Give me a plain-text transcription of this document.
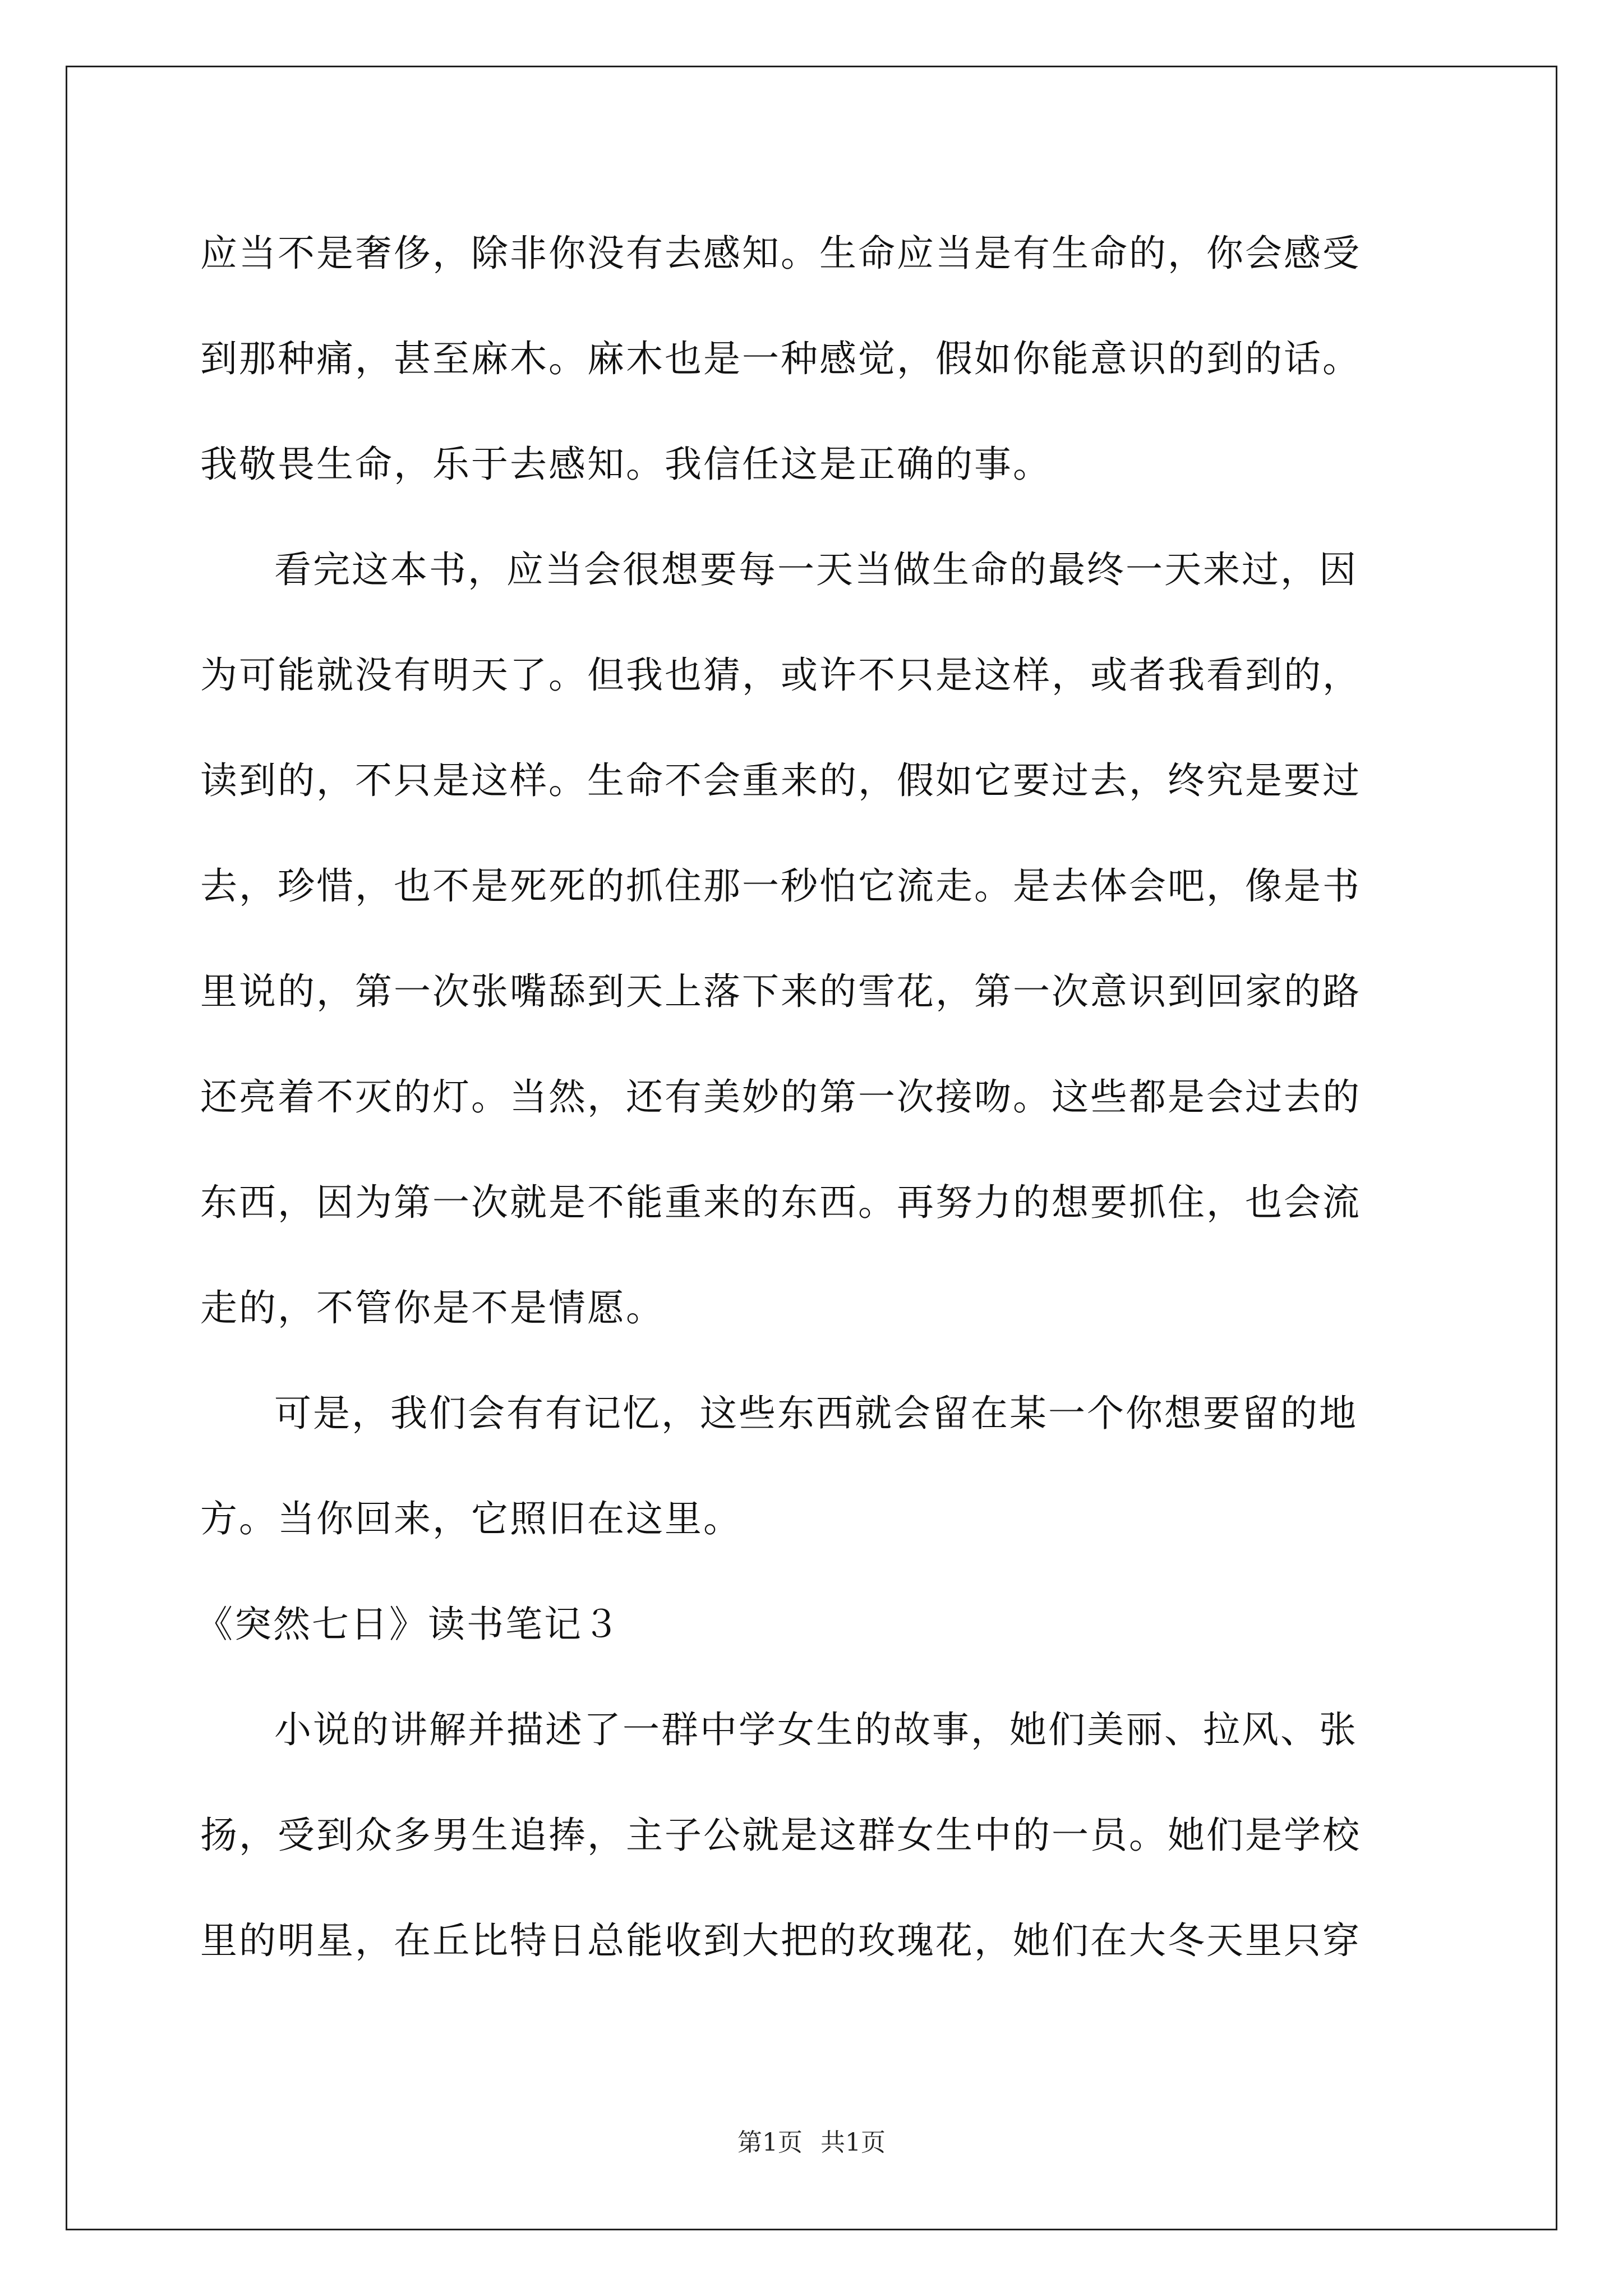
应当不是奢侈，除非你没有去感知。生命应当是有生命的，你会感受
到那种痛，甚至麻木。麻木也是一种感觉，假如你能意识的到的话。
我敬畏生命，乐于去感知。我信任这是正确的事。
看完这本书，应当会很想要每一天当做生命的最终一天来过，因
为可能就没有明天了。但我也猜，或许不只是这样，或者我看到的，
读到的，不只是这样。生命不会重来的，假如它要过去，终究是要过
去，珍惜，也不是死死的抓住那一秒怕它流走。是去体会吧，像是书
里说的，第一次张嘴舔到天上落下来的雪花，第一次意识到回家的路
还亮着不灭的灯。当然，还有美妙的第一次接吻。这些都是会过去的
东西，因为第一次就是不能重来的东西。再努力的想要抓住，也会流
走的，不管你是不是情愿。
可是，我们会有有记忆，这些东西就会留在某一个你想要留的地
方。当你回来，它照旧在这里。
《突然七日》读书笔记３
小说的讲解并描述了一群中学女生的故事，她们美丽、拉风、张
扬，受到众多男生追捧，主子公就是这群女生中的一员。她们是学校
里的明星，在丘比特日总能收到大把的玫瑰花，她们在大冬天里只穿
第1页 共1页
